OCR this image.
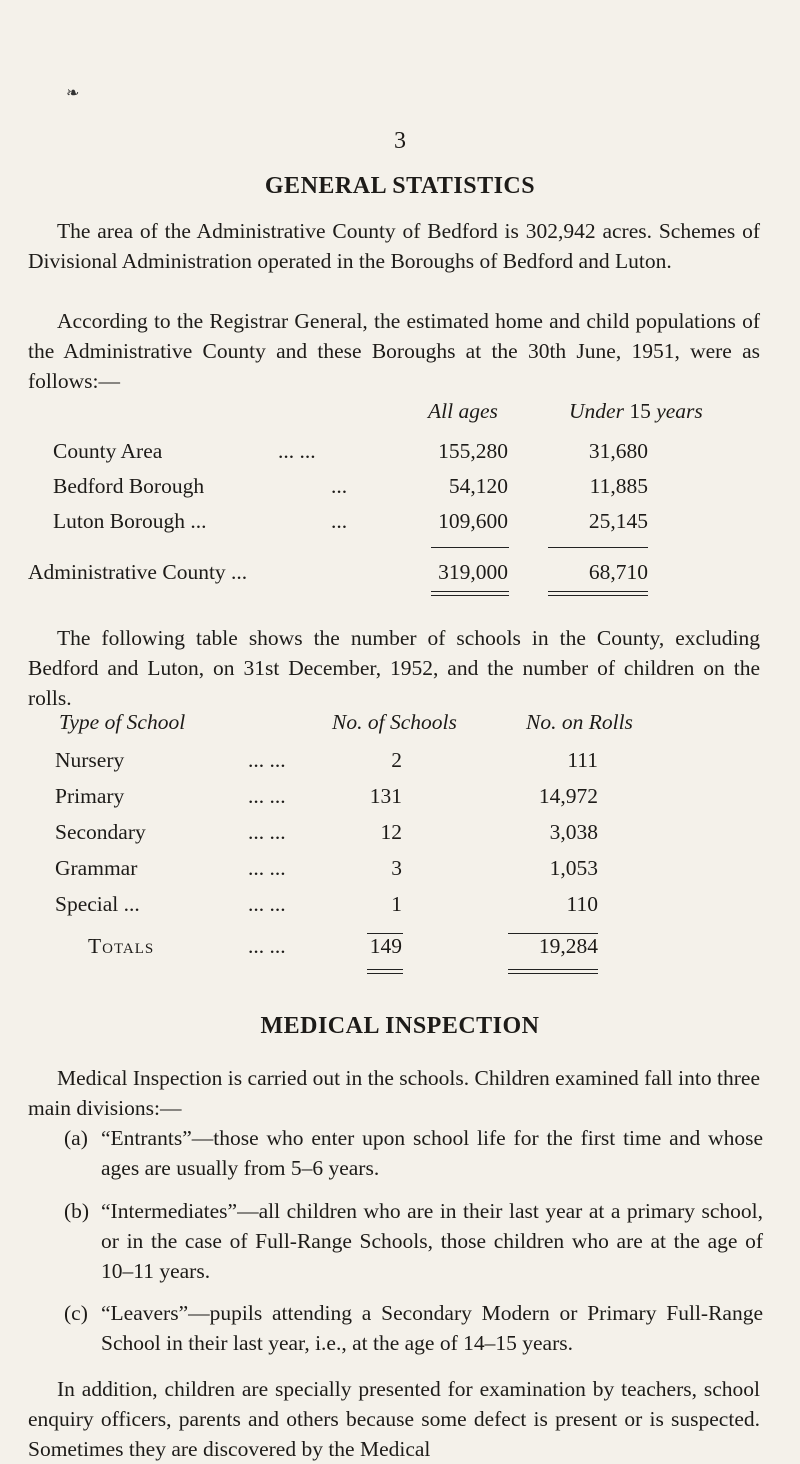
❧
3
GENERAL STATISTICS

The area of the Administrative County of Bedford is 302,942 acres. Schemes of Divisional Administration operated in the Boroughs of Bedford and Luton.

According to the Registrar General, the estimated home and child populations of the Administrative County and these Boroughs at the 30th June, 1951, were as follows:—

All ages	Under 15 years
County Area	... ...	155,280	31,680
Bedford Borough	...	54,120	11,885
Luton Borough ...	...	109,600	25,145
Administrative County ...	319,000	68,710

The following table shows the number of schools in the County, excluding Bedford and Luton, on 31st December, 1952, and the number of children on the rolls.

Type of School	No. of Schools	No. on Rolls
Nursery	... ...	2	111
Primary	... ...	131	14,972
Secondary	... ...	12	3,038
Grammar	... ...	3	1,053
Special ...	... ...	1	110
Totals	... ...	149	19,284
MEDICAL INSPECTION

Medical Inspection is carried out in the schools. Children examined fall into three main divisions:—

(a) “Entrants”—those who enter upon school life for the first time and whose ages are usually from 5–6 years.
(b) “Intermediates”—all children who are in their last year at a primary school, or in the case of Full-Range Schools, those children who are at the age of 10–11 years.
(c) “Leavers”—pupils attending a Secondary Modern or Primary Full-Range School in their last year, i.e., at the age of 14–15 years.

In addition, children are specially presented for examination by teachers, school enquiry officers, parents and others because some defect is present or is suspected. Sometimes they are discovered by the Medical
